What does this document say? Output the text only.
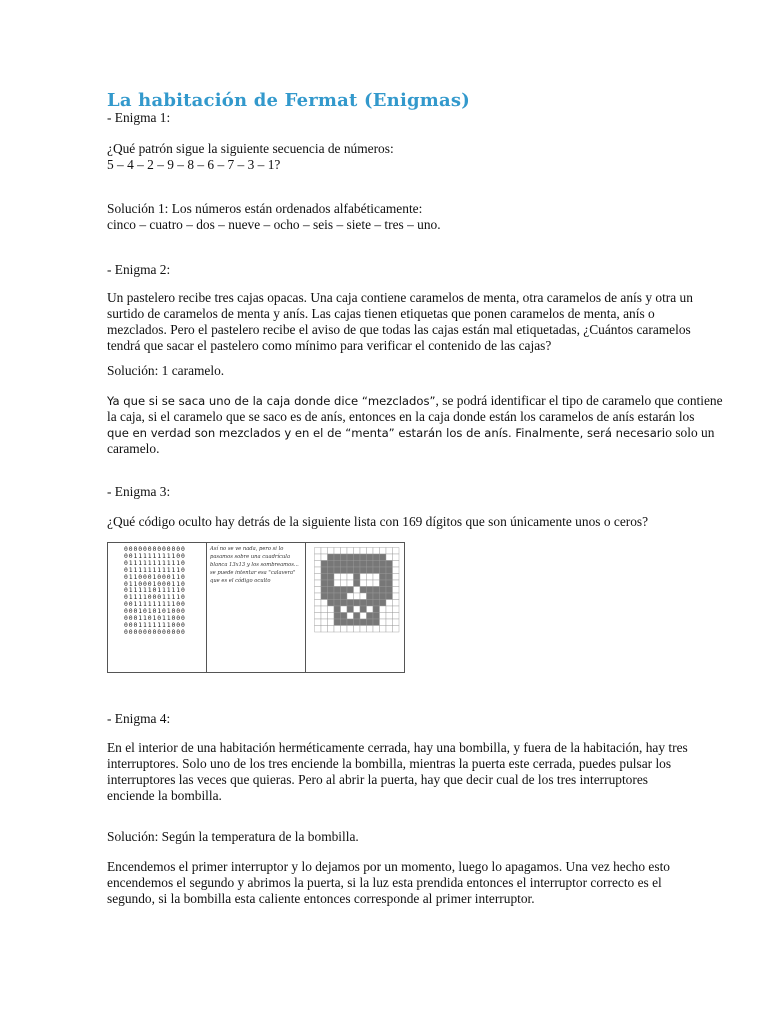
La habitación de Fermat (Enigmas)

- Enigma 1:

¿Qué patrón sigue la siguiente secuencia de números:
5 – 4 – 2 – 9 – 8 – 6 – 7 – 3 – 1?
Solución 1: Los números están ordenados alfabéticamente:
cinco – cuatro – dos – nueve – ocho – seis – siete – tres – uno.

- Enigma 2:

Un pastelero recibe tres cajas opacas. Una caja contiene caramelos de menta, otra caramelos de anís y otra un
surtido de caramelos de menta y anís. Las cajas tienen etiquetas que ponen caramelos de menta, anís o
mezclados. Pero el pastelero recibe el aviso de que todas las cajas están mal etiquetadas, ¿Cuántos caramelos
tendrá que sacar el pastelero como mínimo para verificar el contenido de las cajas?

Solución: 1 caramelo.

Ya que si se saca uno de la caja donde dice “mezclados”, se podrá identificar el tipo de caramelo que contiene
la caja, si el caramelo que se saco es de anís, entonces en la caja donde están los caramelos de anís estarán los
que en verdad son mezclados y en el de “menta” estarán los de anís. Finalmente, será necesario solo un
caramelo.

- Enigma 3:

¿Qué código oculto hay detrás de la siguiente lista con 169 dígitos que son únicamente unos o ceros?

0000000000000
0011111111100
0111111111110
0111111111110
0110001000110
0110001000110
0111110111110
0111100011110
0011111111100
0001010101000
0001101011000
0001111111000
0000000000000
Así no se ve nada, pero si lo pasamos sobre una cuadrícula blanca 13x13 y los sombreamos... se puede intentar esa "calavera" que es el código oculto

- Enigma 4:

En el interior de una habitación herméticamente cerrada, hay una bombilla, y fuera de la habitación, hay tres
interruptores. Solo uno de los tres enciende la bombilla, mientras la puerta este cerrada, puedes pulsar los
interruptores las veces que quieras. Pero al abrir la puerta, hay que decir cual de los tres interruptores
enciende la bombilla.

Solución: Según la temperatura de la bombilla.

Encendemos el primer interruptor y lo dejamos por un momento, luego lo apagamos. Una vez hecho esto
encendemos el segundo y abrimos la puerta, si la luz esta prendida entonces el interruptor correcto es el
segundo, si la bombilla esta caliente entonces corresponde al primer interruptor.
